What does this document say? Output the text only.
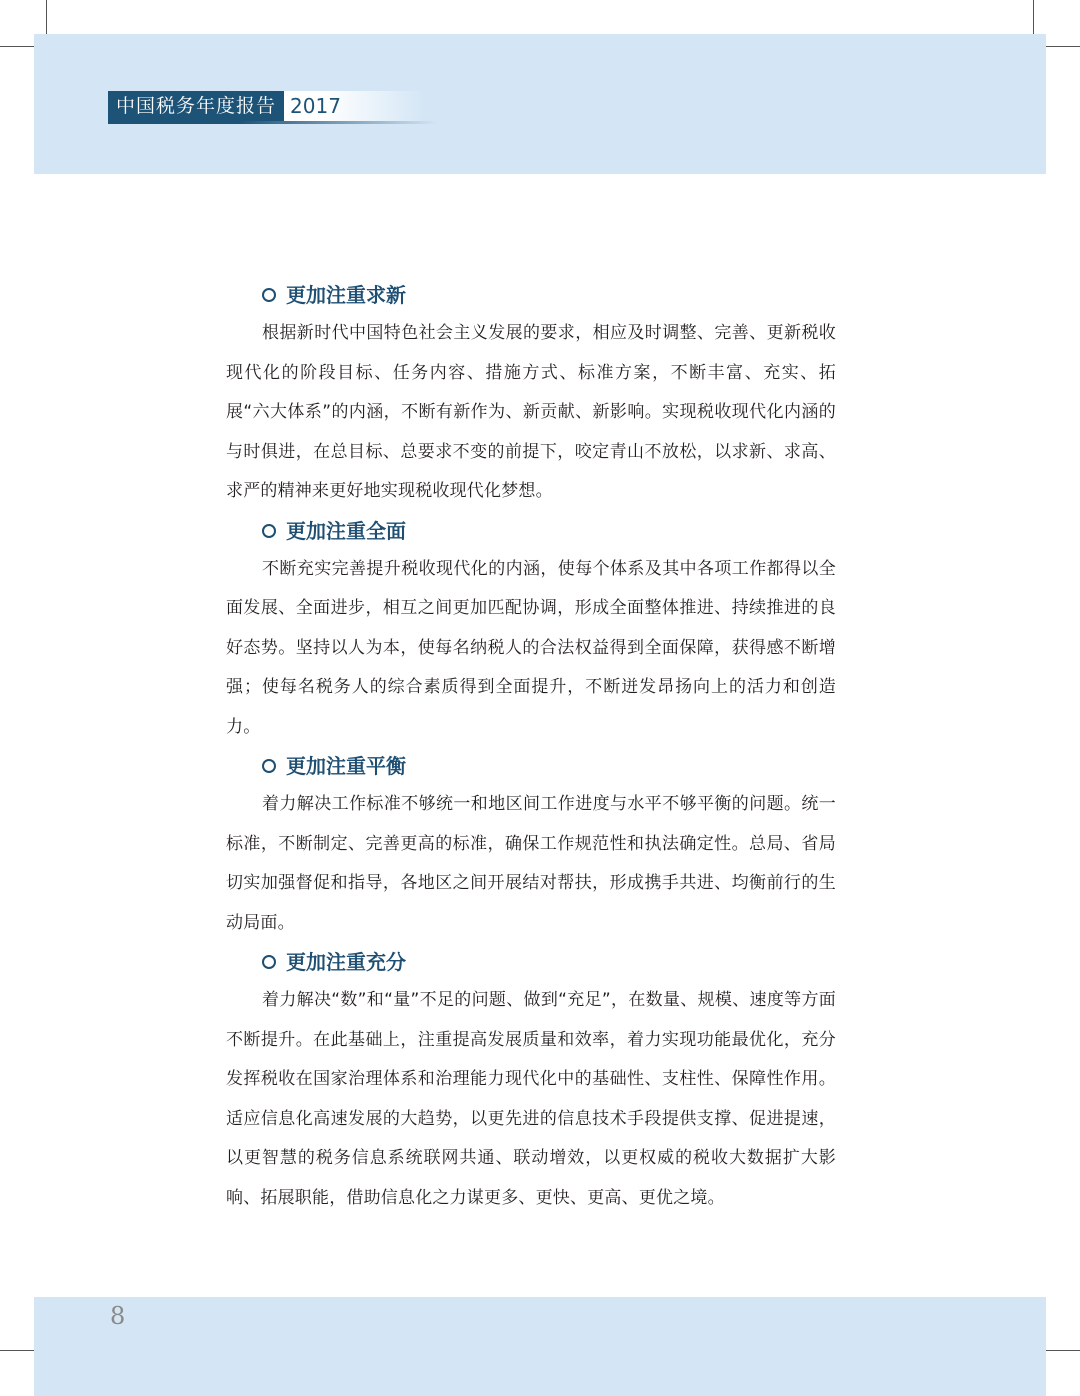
中国税务年度报告 2017
更加注重求新

根据新时代中国特色社会主义发展的要求，相应及时调整、完善、更新税收现代化的阶段目标、任务内容、措施方式、标准方案，不断丰富、充实、拓展“六大体系”的内涵，不断有新作为、新贡献、新影响。实现税收现代化内涵的与时俱进，在总目标、总要求不变的前提下，咬定青山不放松，以求新、求高、求严的精神来更好地实现税收现代化梦想。

更加注重全面

不断充实完善提升税收现代化的内涵，使每个体系及其中各项工作都得以全面发展、全面进步，相互之间更加匹配协调，形成全面整体推进、持续推进的良好态势。坚持以人为本，使每名纳税人的合法权益得到全面保障，获得感不断增强；使每名税务人的综合素质得到全面提升，不断迸发昂扬向上的活力和创造力。

更加注重平衡

着力解决工作标准不够统一和地区间工作进度与水平不够平衡的问题。统一标准，不断制定、完善更高的标准，确保工作规范性和执法确定性。总局、省局切实加强督促和指导，各地区之间开展结对帮扶，形成携手共进、均衡前行的生动局面。

更加注重充分

着力解决“数”和“量”不足的问题、做到“充足”，在数量、规模、速度等方面不断提升。在此基础上，注重提高发展质量和效率，着力实现功能最优化，充分发挥税收在国家治理体系和治理能力现代化中的基础性、支柱性、保障性作用。适应信息化高速发展的大趋势，以更先进的信息技术手段提供支撑、促进提速，以更智慧的税务信息系统联网共通、联动增效，以更权威的税收大数据扩大影响、拓展职能，借助信息化之力谋更多、更快、更高、更优之境。

8
